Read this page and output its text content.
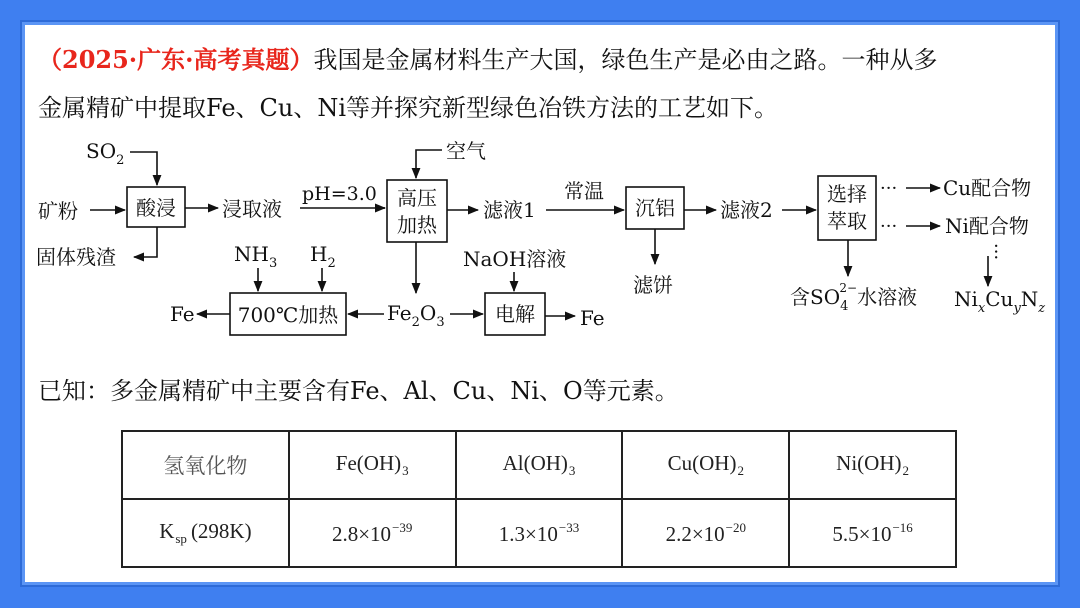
（2025·广东·高考真题）我国是金属材料生产大国，绿色生产是必由之路。一种从多
金属精矿中提取Fe、Cu、Ni等并探究新型绿色冶铁方法的工艺如下。
$SO_2$
矿粉	酸浸 浸取液
固体残渣
pH=3.0
空气
高压
加热
滤液1
常温
沉铝
滤饼
滤液2
选择
萃取
···
···
Cu配合物
Ni配合物
···
含$SO_42-$水溶液 $Ni_xCu_yN_z$
$NH_3$ $H_2$	NaOH溶液
700℃加热 $Fe_2O_3$	电解
Fe	Fe
已知：多金属精矿中主要含有Fe、Al、Cu、Ni、O等元素。
氢氧化物	$Fe(OH)_3$	$Al(OH)_3$	$Cu(OH)_2$	$Ni(OH)_2$
$K_{sp}$ (298K)	$2.8\times 10^{-39}$	$1.3\times 10^{-33}$	$2.2\times 10^{-20}$	$5.5\times 10^{-16}$
